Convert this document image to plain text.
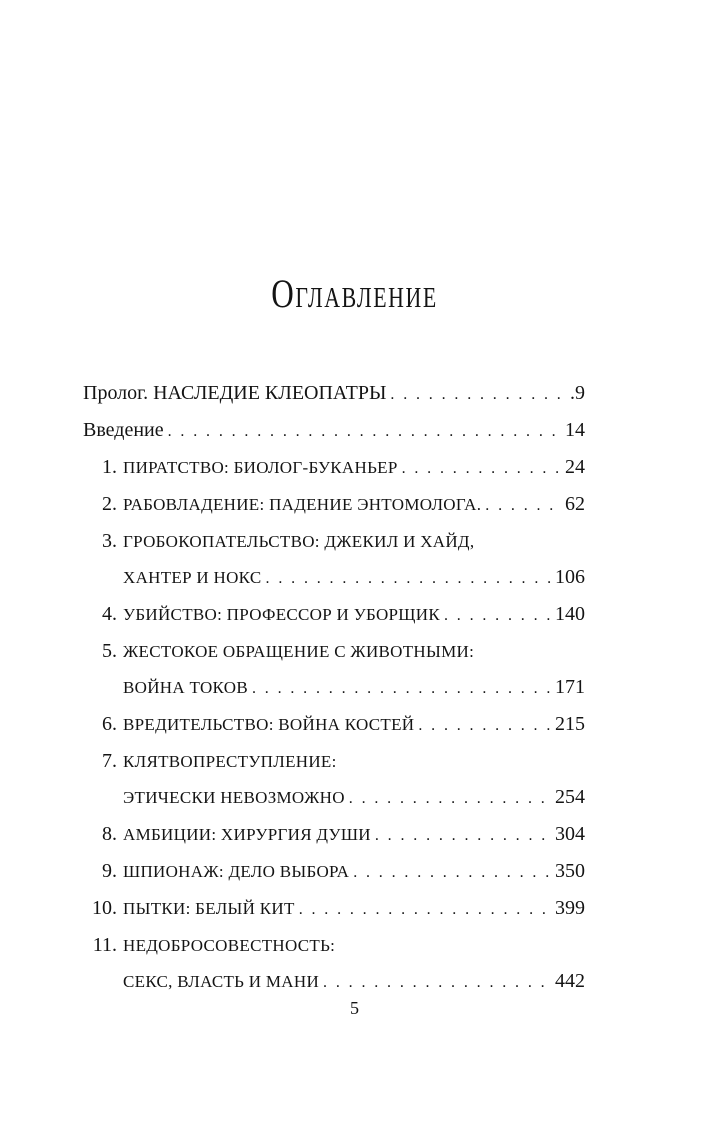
Оглавление
Пролог. НАСЛЕДИЕ КЛЕОПАТРЫ . . .	.9
Введение . . .	14
1. ПИРАТСТВО: БИОЛОГ-БУКАНЬЕР . . .	24
2. РАБОВЛАДЕНИЕ: ПАДЕНИЕ ЭНТОМОЛОГА. . . .	62
3. ГРОБОКОПАТЕЛЬСТВО: ДЖЕКИЛ И ХАЙД,
ХАНТЕР И НОКС . . .	106
4. УБИЙСТВО: ПРОФЕССОР И УБОРЩИК . . .	140
5. ЖЕСТОКОЕ ОБРАЩЕНИЕ С ЖИВОТНЫМИ:
ВОЙНА ТОКОВ . . .	171
6. ВРЕДИТЕЛЬСТВО: ВОЙНА КОСТЕЙ . . .	215
7. КЛЯТВОПРЕСТУПЛЕНИЕ:
ЭТИЧЕСКИ НЕВОЗМОЖНО . . .	254
8. АМБИЦИИ: ХИРУРГИЯ ДУШИ . . .	304
9. ШПИОНАЖ: ДЕЛО ВЫБОРА . . .	350
10. ПЫТКИ: БЕЛЫЙ КИТ . . .	399
11. НЕДОБРОСОВЕСТНОСТЬ:
СЕКС, ВЛАСТЬ И МАНИ . . .	442
5
